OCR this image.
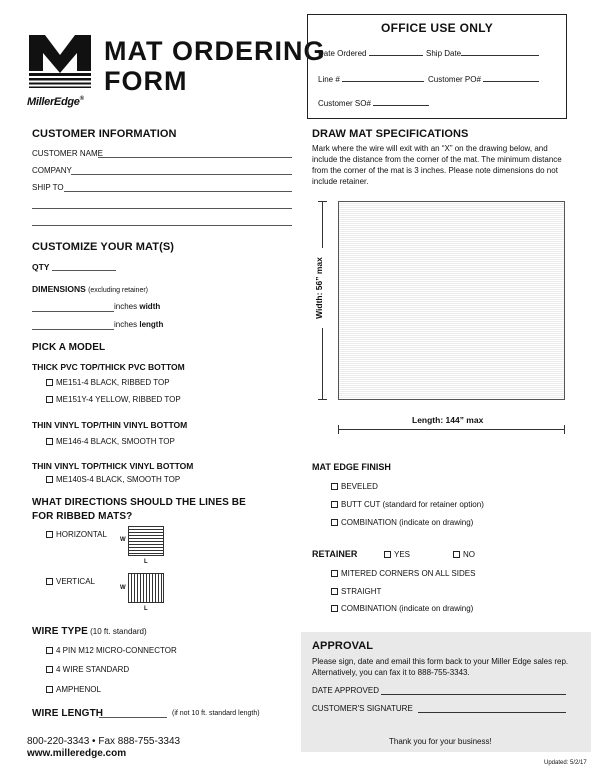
MillerEdge®
MAT ORDERING
FORM
OFFICE USE ONLY
Date Ordered	Ship Date
Line #	Customer PO#
Customer SO#
CUSTOMER INFORMATION
CUSTOMER NAME
COMPANY
SHIP TO
CUSTOMIZE YOUR MAT(S)
QTY
DIMENSIONS (excluding retainer)
inches width
inches length
PICK A MODEL
THICK PVC TOP/THICK PVC BOTTOM
ME151-4 BLACK, RIBBED TOP
ME151Y-4 YELLOW, RIBBED TOP
THIN VINYL TOP/THIN VINYL BOTTOM
ME146-4 BLACK, SMOOTH TOP
THIN VINYL TOP/THICK VINYL BOTTOM
ME140S-4 BLACK, SMOOTH TOP
WHAT DIRECTIONS SHOULD THE LINES BE
FOR RIBBED MATS?
HORIZONTAL
W
L
VERTICAL
W
L
WIRE TYPE (10 ft. standard)
4 PIN M12 MICRO-CONNECTOR
4 WIRE STANDARD
AMPHENOL
WIRE LENGTH	(if not 10 ft. standard length)
800-220-3343 • Fax 888-755-3343
www.milleredge.com
DRAW MAT SPECIFICATIONS
Mark where the wire will exit with an “X” on the drawing below, and
include the distance from the corner of the mat. The minimum distance
from the corner of the mat is 3 inches. Please note dimensions do not
include retainer.
Width: 56” max
Length: 144” max
MAT EDGE FINISH
BEVELED
BUTT CUT (standard for retainer option)
COMBINATION (indicate on drawing)
RETAINER	YES	NO
MITERED CORNERS ON ALL SIDES
STRAIGHT
COMBINATION (indicate on drawing)
APPROVAL
Please sign, date and email this form back to your Miller Edge sales rep.
Alternatively, you can fax it to 888-755-3343.
DATE APPROVED
CUSTOMER'S SIGNATURE
Thank you for your business!
Updated: 5/2/17
